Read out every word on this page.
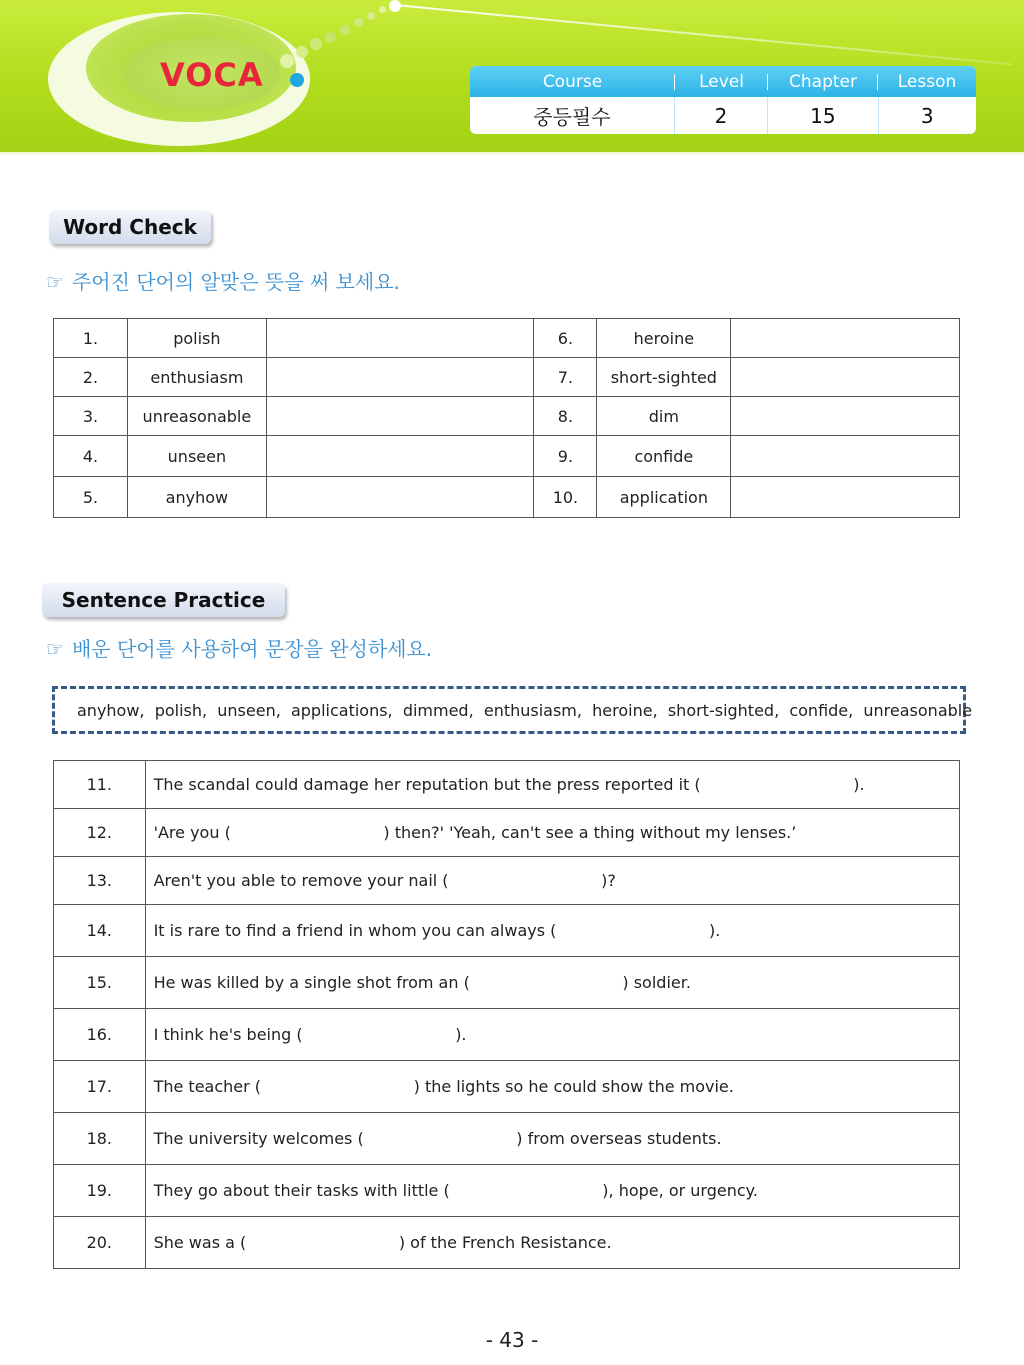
VOCA	Course	Level	Chapter	Lesson
중등필수	2	15	3
Word Check
☞ 주어진 단어의 알맞은 뜻을 써 보세요.
1.	polish		6.	heroine	
2.	enthusiasm		7.	short-sighted	
3.	unreasonable		8.	dim	
4.	unseen		9.	confide	
5.	anyhow		10.	application	
Sentence Practice
☞ 배운 단어를 사용하여 문장을 완성하세요.
anyhow,  polish,  unseen,  applications,  dimmed,  enthusiasm,  heroine,  short-sighted,  confide,  unreasonable
11.	The scandal could damage her reputation but the press reported it (                              ).
12.	'Are you (                              ) then?' 'Yeah, can't see a thing without my lenses.’
13.	Aren't you able to remove your nail (                              )?
14.	It is rare to find a friend in whom you can always (                              ).
15.	He was killed by a single shot from an (                              ) soldier.
16.	I think he's being (                              ).
17.	The teacher (                              ) the lights so he could show the movie.
18.	The university welcomes (                              ) from overseas students.
19.	They go about their tasks with little (                              ), hope, or urgency.
20.	She was a (                              ) of the French Resistance.
- 43 -
